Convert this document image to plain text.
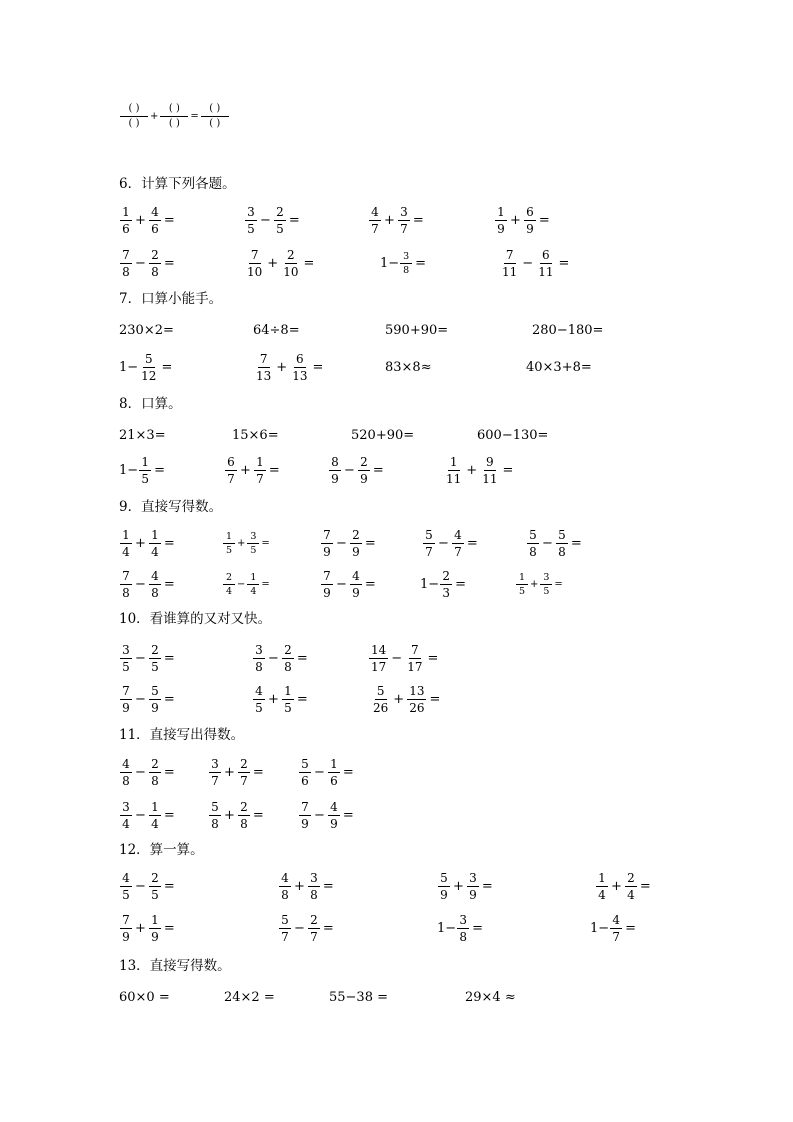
$\frac{( )}{( )} + \frac{( )}{( )} = \frac{( )}{( )}$
6．计算下列各题。
$\frac{1}{6} + \frac{4}{6}$ =	$\frac{3}{5} - \frac{2}{5}$ =	$\frac{4}{7} + \frac{3}{7}$ =	$\frac{1}{9} + \frac{6}{9}$ =
$\frac{7}{8} - \frac{2}{8}$ =	$\frac{7}{10} + \frac{2}{10}$ =	$1- \frac{3}{8}$ =	$\frac{7}{11} - \frac{6}{11}$ =
7．口算小能手。
230×2=	64÷8=	590+90=	280−180=
$1- \frac{5}{12}$ =	$\frac{7}{13} + \frac{6}{13}$ =	83×8≈	40×3+8=
8．口算。
21×3=	15×6=	520+90=	600−130=
$1- \frac{1}{5}$ =	$\frac{6}{7} + \frac{1}{7}$ =	$\frac{8}{9} - \frac{2}{9}$ =	$\frac{1}{11} + \frac{9}{11}$ =
9．直接写得数。
$\frac{1}{4} + \frac{1}{4}$ =	$\frac{1}{5} + \frac{3}{5}$ =	$\frac{7}{9} - \frac{2}{9}$ =	$\frac{5}{7} - \frac{4}{7}$ =	$\frac{5}{8} - \frac{5}{8}$ =
$\frac{7}{8} - \frac{4}{8}$ =	$\frac{2}{4} - \frac{1}{4}$ =	$\frac{7}{9} - \frac{4}{9}$ =	$1- \frac{2}{3}$ =	$\frac{1}{5} + \frac{3}{5}$ =
10．看谁算的又对又快。
$\frac{3}{5} - \frac{2}{5}$ =	$\frac{3}{8} - \frac{2}{8}$ =	$\frac{14}{17} - \frac{7}{17}$ =
$\frac{7}{9} - \frac{5}{9}$ =	$\frac{4}{5} + \frac{1}{5}$ =	$\frac{5}{26} + \frac{13}{26}$ =
11．直接写出得数。
$\frac{4}{8} - \frac{2}{8}$ =	$\frac{3}{7} + \frac{2}{7}$ =	$\frac{5}{6} - \frac{1}{6}$ =
$\frac{3}{4} - \frac{1}{4}$ =	$\frac{5}{8} + \frac{2}{8}$ =	$\frac{7}{9} - \frac{4}{9}$ =
12．算一算。
$\frac{4}{5} - \frac{2}{5}$ =	$\frac{4}{8} + \frac{3}{8}$ =	$\frac{5}{9} + \frac{3}{9}$ =	$\frac{1}{4} + \frac{2}{4}$ =
$\frac{7}{9} + \frac{1}{9}$ =	$\frac{5}{7} - \frac{2}{7}$ =	$1- \frac{3}{8}$ =	$1- \frac{4}{7}$ =
13．直接写得数。
60×0 =	24×2 =	55−38 =	29×4 ≈
